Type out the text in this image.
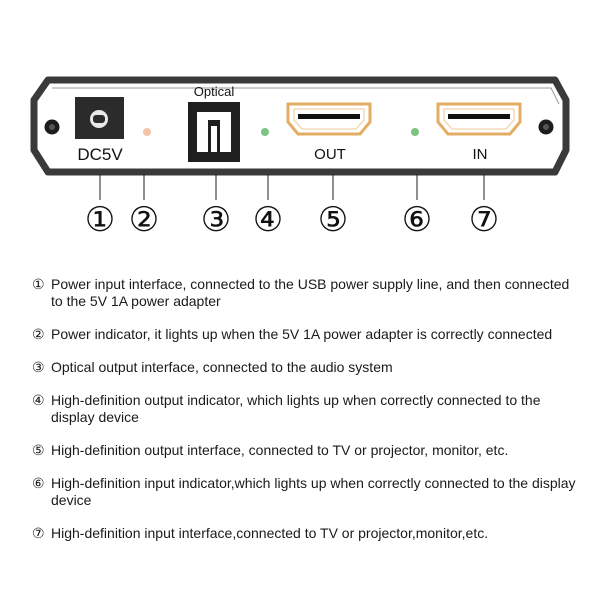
DC5V
Optical
OUT	IN
① ② ③ ④ ⑤ ⑥ ⑦
① Power input interface, connected to the USB power supply line, and then connected to the 5V 1A power adapter
② Power indicator, it lights up when the 5V 1A power adapter is correctly connected
③ Optical output interface, connected to the audio system
④ High-definition output indicator, which lights up when correctly connected to the display device
⑤ High-definition output interface, connected to TV or projector, monitor, etc.
⑥ High-definition input indicator,which lights up when correctly connected to the display device
⑦ High-definition input interface,connected to TV or projector,monitor,etc.
